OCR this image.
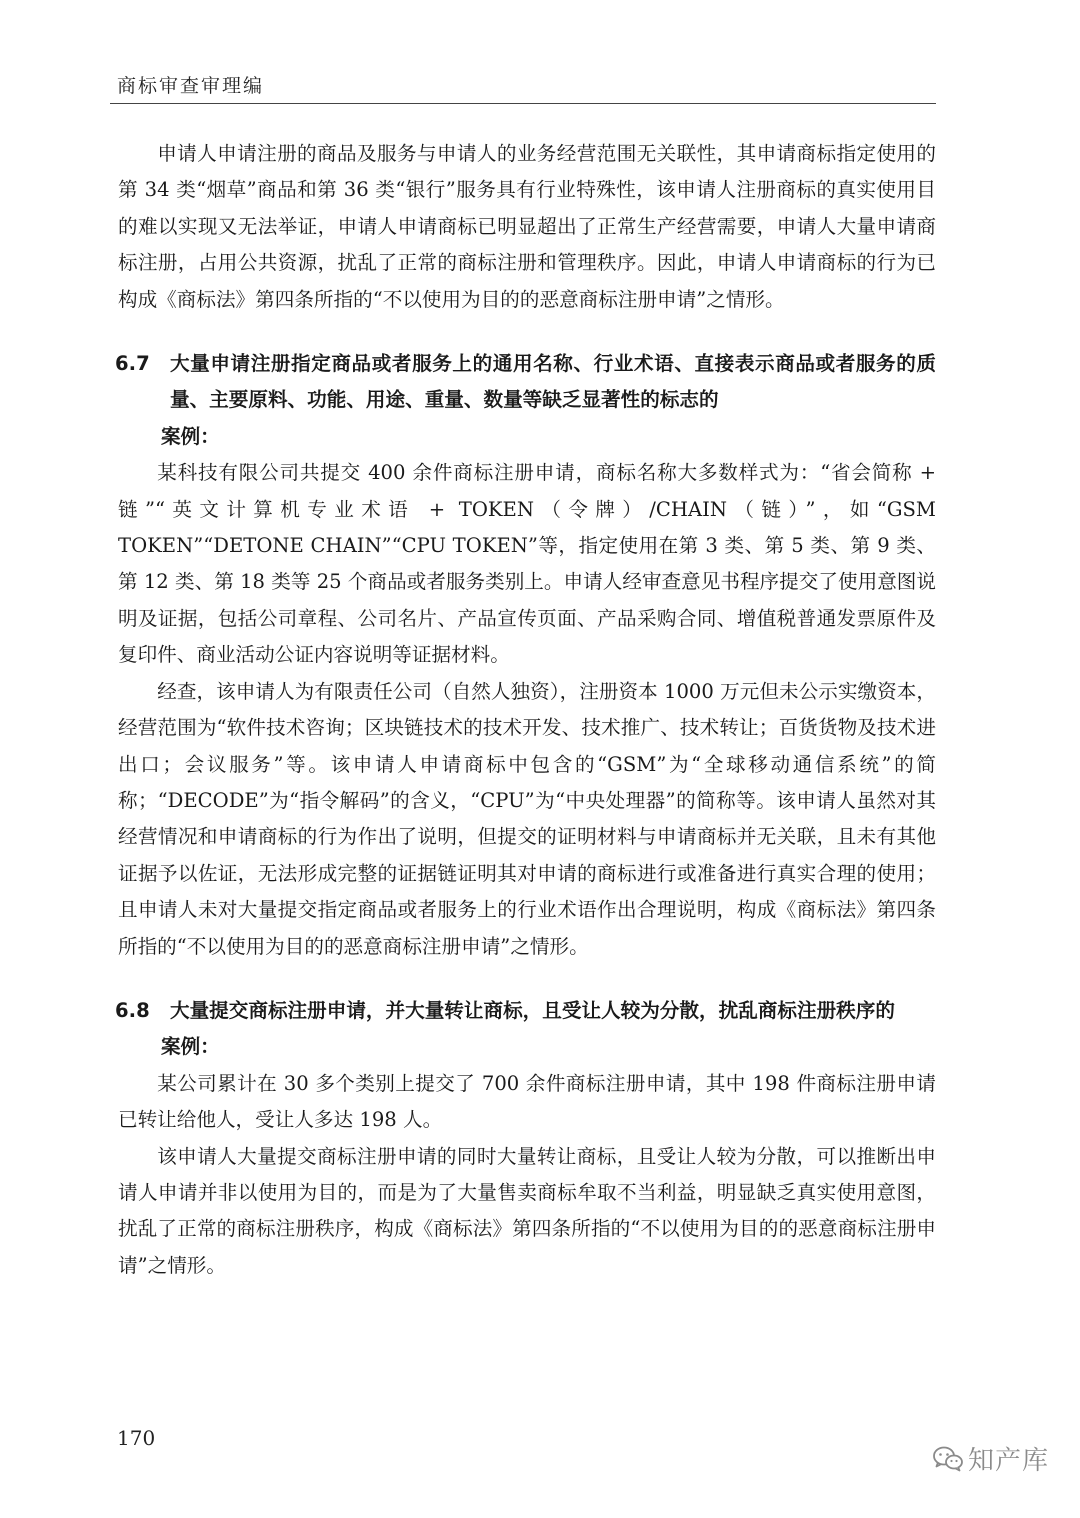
商标审查审理编

申请人申请注册的商品及服务与申请人的业务经营范围无关联性，其申请商标指定使用的第 34 类“烟草”商品和第 36 类“银行”服务具有行业特殊性，该申请人注册商标的真实使用目的难以实现又无法举证，申请人申请商标已明显超出了正常生产经营需要，申请人大量申请商标注册，占用公共资源，扰乱了正常的商标注册和管理秩序。因此，申请人申请商标的行为已构成《商标法》第四条所指的“不以使用为目的的恶意商标注册申请”之情形。

6.7 大量申请注册指定商品或者服务上的通用名称、行业术语、直接表示商品或者服务的质量、主要原料、功能、用途、重量、数量等缺乏显著性的标志的

案例：

某科技有限公司共提交 400 余件商标注册申请，商标名称大多数样式为：“省会简称 + 链”“英文计算机专业术语 + TOKEN（令牌）/CHAIN（链）”，如“GSM TOKEN”“DETONE CHAIN”“CPU TOKEN”等，指定使用在第 3 类、第 5 类、第 9 类、第 12 类、第 18 类等 25 个商品或者服务类别上。申请人经审查意见书程序提交了使用意图说明及证据，包括公司章程、公司名片、产品宣传页面、产品采购合同、增值税普通发票原件及复印件、商业活动公证内容说明等证据材料。

经查，该申请人为有限责任公司（自然人独资），注册资本 1000 万元但未公示实缴资本，经营范围为“软件技术咨询；区块链技术的技术开发、技术推广、技术转让；百货货物及技术进出口；会议服务”等。该申请人申请商标中包含的“GSM”为“全球移动通信系统”的简称；“DECODE”为“指令解码”的含义，“CPU”为“中央处理器”的简称等。该申请人虽然对其经营情况和申请商标的行为作出了说明，但提交的证明材料与申请商标并无关联，且未有其他证据予以佐证，无法形成完整的证据链证明其对申请的商标进行或准备进行真实合理的使用；且申请人未对大量提交指定商品或者服务上的行业术语作出合理说明，构成《商标法》第四条所指的“不以使用为目的的恶意商标注册申请”之情形。

6.8 大量提交商标注册申请，并大量转让商标，且受让人较为分散，扰乱商标注册秩序的

案例：

某公司累计在 30 多个类别上提交了 700 余件商标注册申请，其中 198 件商标注册申请已转让给他人，受让人多达 198 人。

该申请人大量提交商标注册申请的同时大量转让商标，且受让人较为分散，可以推断出申请人申请并非以使用为目的，而是为了大量售卖商标牟取不当利益，明显缺乏真实使用意图，扰乱了正常的商标注册秩序，构成《商标法》第四条所指的“不以使用为目的的恶意商标注册申请”之情形。

170
知产库
